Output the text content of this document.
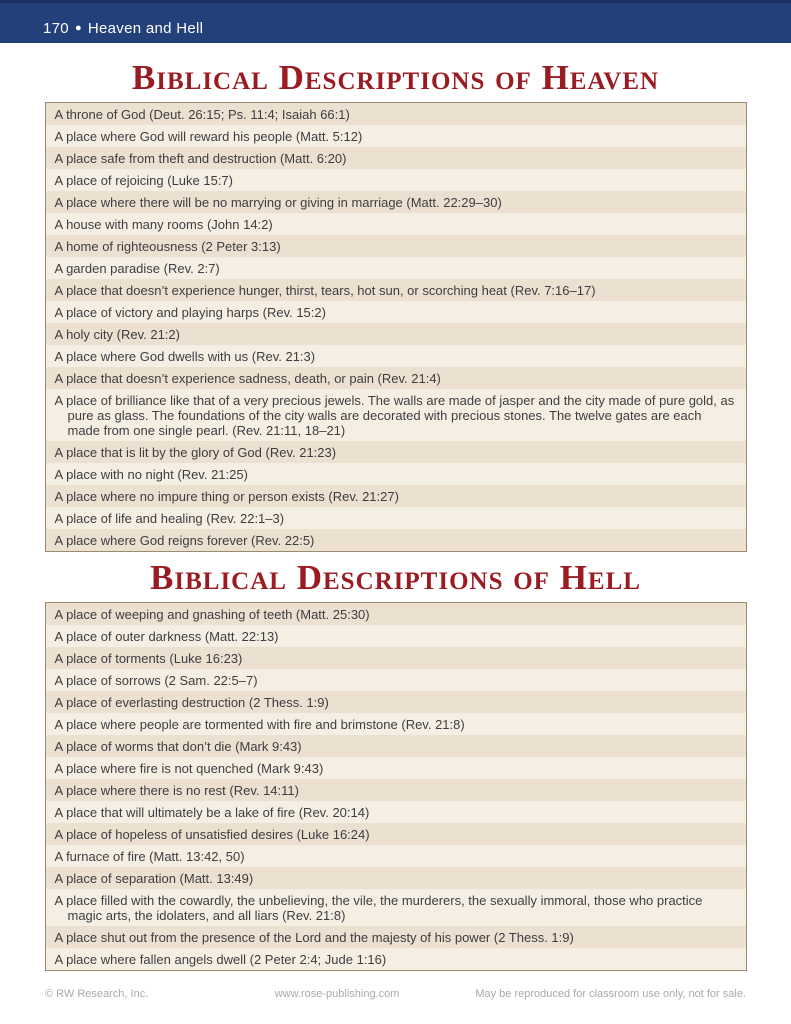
170 ● Heaven and Hell
Biblical Descriptions of Heaven
A throne of God (Deut. 26:15; Ps. 11:4; Isaiah 66:1)
A place where God will reward his people (Matt. 5:12)
A place safe from theft and destruction (Matt. 6:20)
A place of rejoicing (Luke 15:7)
A place where there will be no marrying or giving in marriage (Matt. 22:29–30)
A house with many rooms (John 14:2)
A home of righteousness (2 Peter 3:13)
A garden paradise (Rev. 2:7)
A place that doesn’t experience hunger, thirst, tears, hot sun, or scorching heat (Rev. 7:16–17)
A place of victory and playing harps (Rev. 15:2)
A holy city (Rev. 21:2)
A place where God dwells with us (Rev. 21:3)
A place that doesn’t experience sadness, death, or pain (Rev. 21:4)
A place of brilliance like that of a very precious jewels. The walls are made of jasper and the city made of pure gold, as pure as glass. The foundations of the city walls are decorated with precious stones. The twelve gates are each made from one single pearl. (Rev. 21:11, 18–21)
A place that is lit by the glory of God (Rev. 21:23)
A place with no night (Rev. 21:25)
A place where no impure thing or person exists (Rev. 21:27)
A place of life and healing (Rev. 22:1–3)
A place where God reigns forever (Rev. 22:5)
Biblical Descriptions of Hell
A place of weeping and gnashing of teeth (Matt. 25:30)
A place of outer darkness (Matt. 22:13)
A place of torments (Luke 16:23)
A place of sorrows (2 Sam. 22:5–7)
A place of everlasting destruction (2 Thess. 1:9)
A place where people are tormented with fire and brimstone (Rev. 21:8)
A place of worms that don’t die (Mark 9:43)
A place where fire is not quenched (Mark 9:43)
A place where there is no rest (Rev. 14:11)
A place that will ultimately be a lake of fire (Rev. 20:14)
A place of hopeless of unsatisfied desires (Luke 16:24)
A furnace of fire (Matt. 13:42, 50)
A place of separation (Matt. 13:49)
A place filled with the cowardly, the unbelieving, the vile, the murderers, the sexually immoral, those who practice magic arts, the idolaters, and all liars (Rev. 21:8)
A place shut out from the presence of the Lord and the majesty of his power (2 Thess. 1:9)
A place where fallen angels dwell (2 Peter 2:4; Jude 1:16)
© RW Research, Inc.	www.rose-publishing.com	May be reproduced for classroom use only, not for sale.
